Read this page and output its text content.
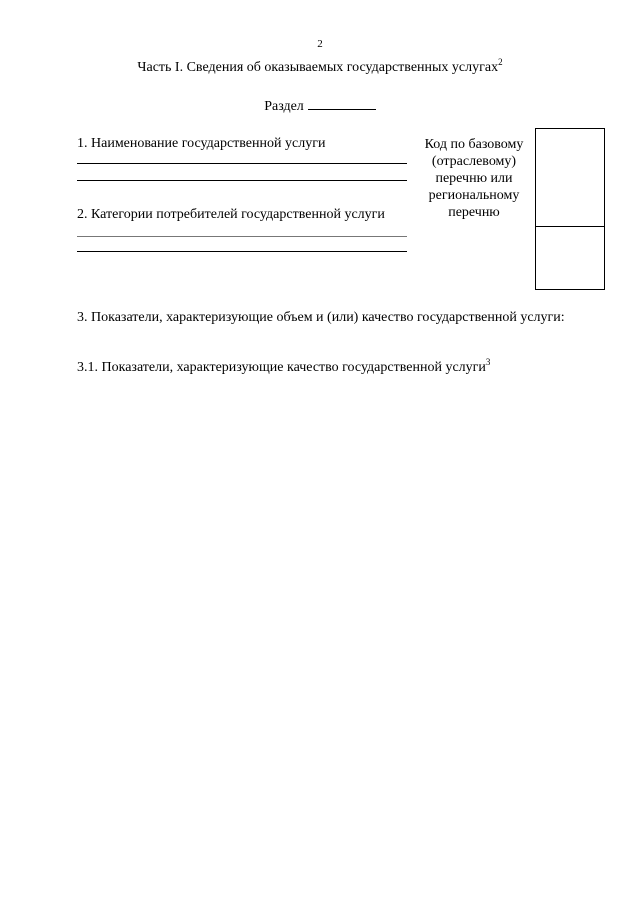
2
Часть I. Сведения об оказываемых государственных услугах$^2$
Раздел
1. Наименование государственной услуги
2. Категории потребителей государственной услуги
Код по базовому (отраслевому) перечню или региональному перечню
3. Показатели, характеризующие объем и (или) качество государственной услуги:
3.1. Показатели, характеризующие качество государственной услуги$^3$
